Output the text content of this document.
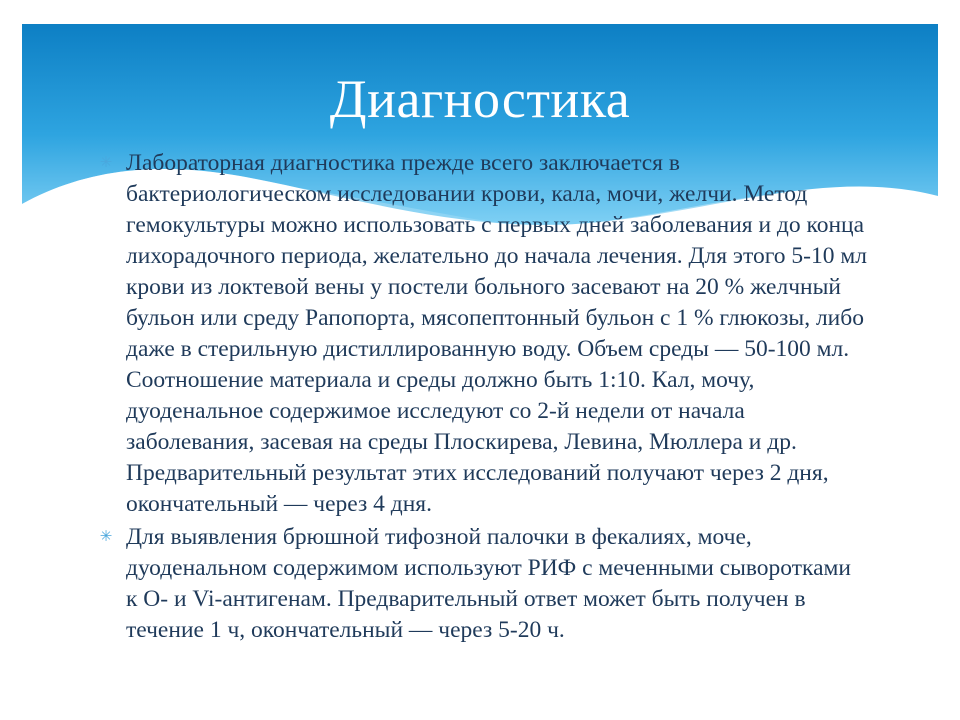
Диагностика
✳ Лабораторная диагностика прежде всего заключается в бактериологическом исследовании крови, кала, мочи, желчи. Метод гемокультуры можно использовать с первых дней заболевания и до конца лихорадочного периода, желательно до начала лечения. Для этого 5-10 мл крови из локтевой вены у постели больного засевают на 20 % желчный бульон или среду Рапопорта, мясопептонный бульон с 1 % глюкозы, либо даже в стерильную дистиллированную воду. Объем среды — 50-100 мл. Соотношение материала и среды должно быть 1:10. Кал, мочу, дуоденальное содержимое исследуют со 2-й недели от начала заболевания, засевая на среды Плоскирева, Левина, Мюллера и др. Предварительный результат этих исследований получают через 2 дня, окончательный — через 4 дня.
✳ Для выявления брюшной тифозной палочки в фекалиях, моче, дуоденальном содержимом используют РИФ с меченными сыворотками к О- и Vi-антигенам. Предварительный ответ может быть получен в течение 1 ч, окончательный — через 5-20 ч.
